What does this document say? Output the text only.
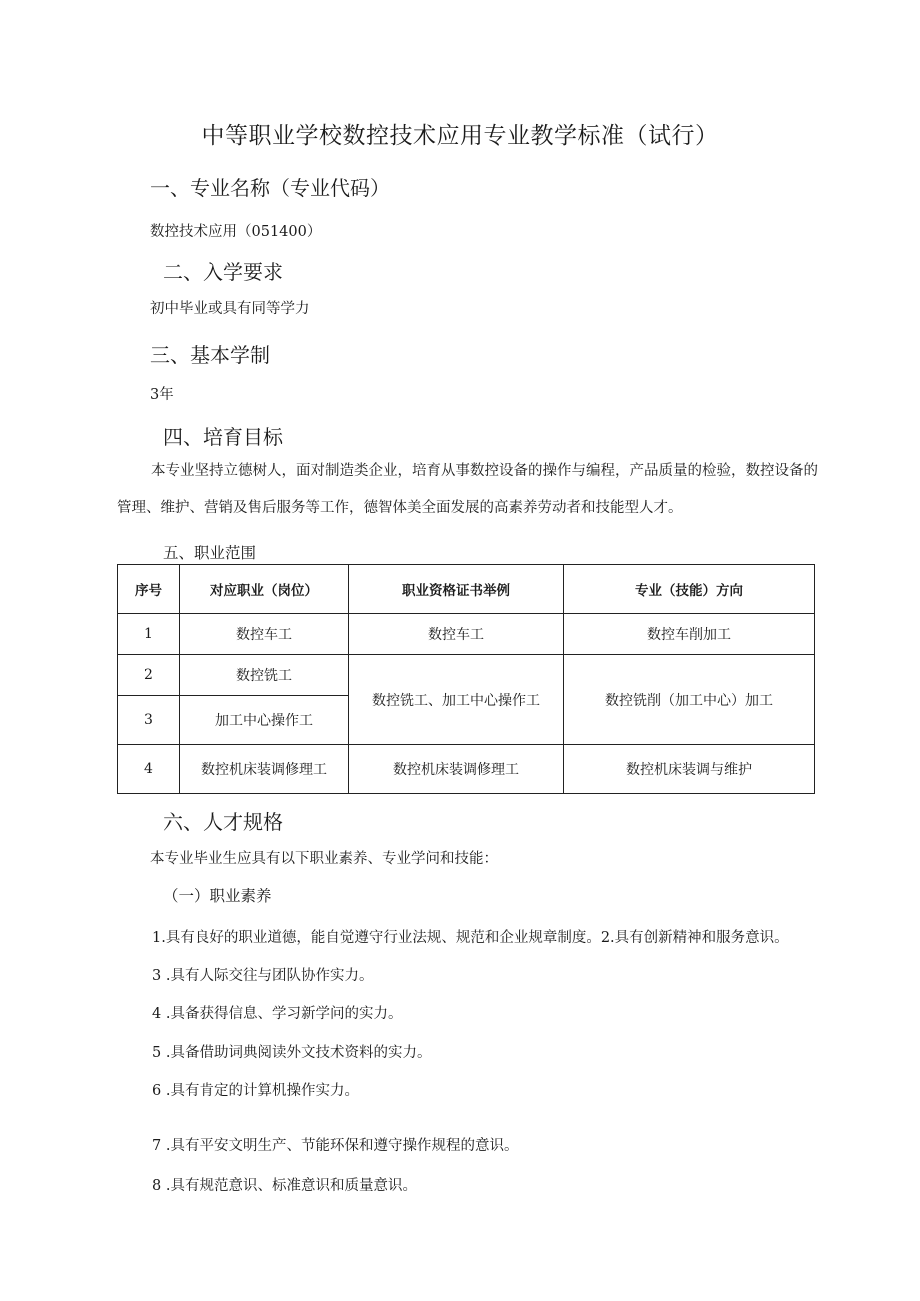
中等职业学校数控技术应用专业教学标准（试行）
一、专业名称（专业代码）
数控技术应用（051400）
二、入学要求
初中毕业或具有同等学力
三、基本学制
3年
四、培育目标
本专业坚持立德树人，面对制造类企业，培育从事数控设备的操作与编程，产品质量的检验，数控设备的管理、维护、营销及售后服务等工作，德智体美全面发展的高素养劳动者和技能型人才。
五、职业范围
序号	对应职业（岗位）	职业资格证书举例	专业（技能）方向
1	数控车工	数控车工	数控车削加工
2	数控铣工	数控铣工、加工中心操作工	数控铣削（加工中心）加工
3	加工中心操作工		
4	数控机床装调修理工	数控机床装调修理工	数控机床装调与维护
六、人才规格
本专业毕业生应具有以下职业素养、专业学问和技能：
（一）职业素养
1.具有良好的职业道德，能自觉遵守行业法规、规范和企业规章制度。2.具有创新精神和服务意识。
3 .具有人际交往与团队协作实力。
4 .具备获得信息、学习新学问的实力。
5 .具备借助词典阅读外文技术资料的实力。
6 .具有肯定的计算机操作实力。
7 .具有平安文明生产、节能环保和遵守操作规程的意识。
8 .具有规范意识、标准意识和质量意识。
